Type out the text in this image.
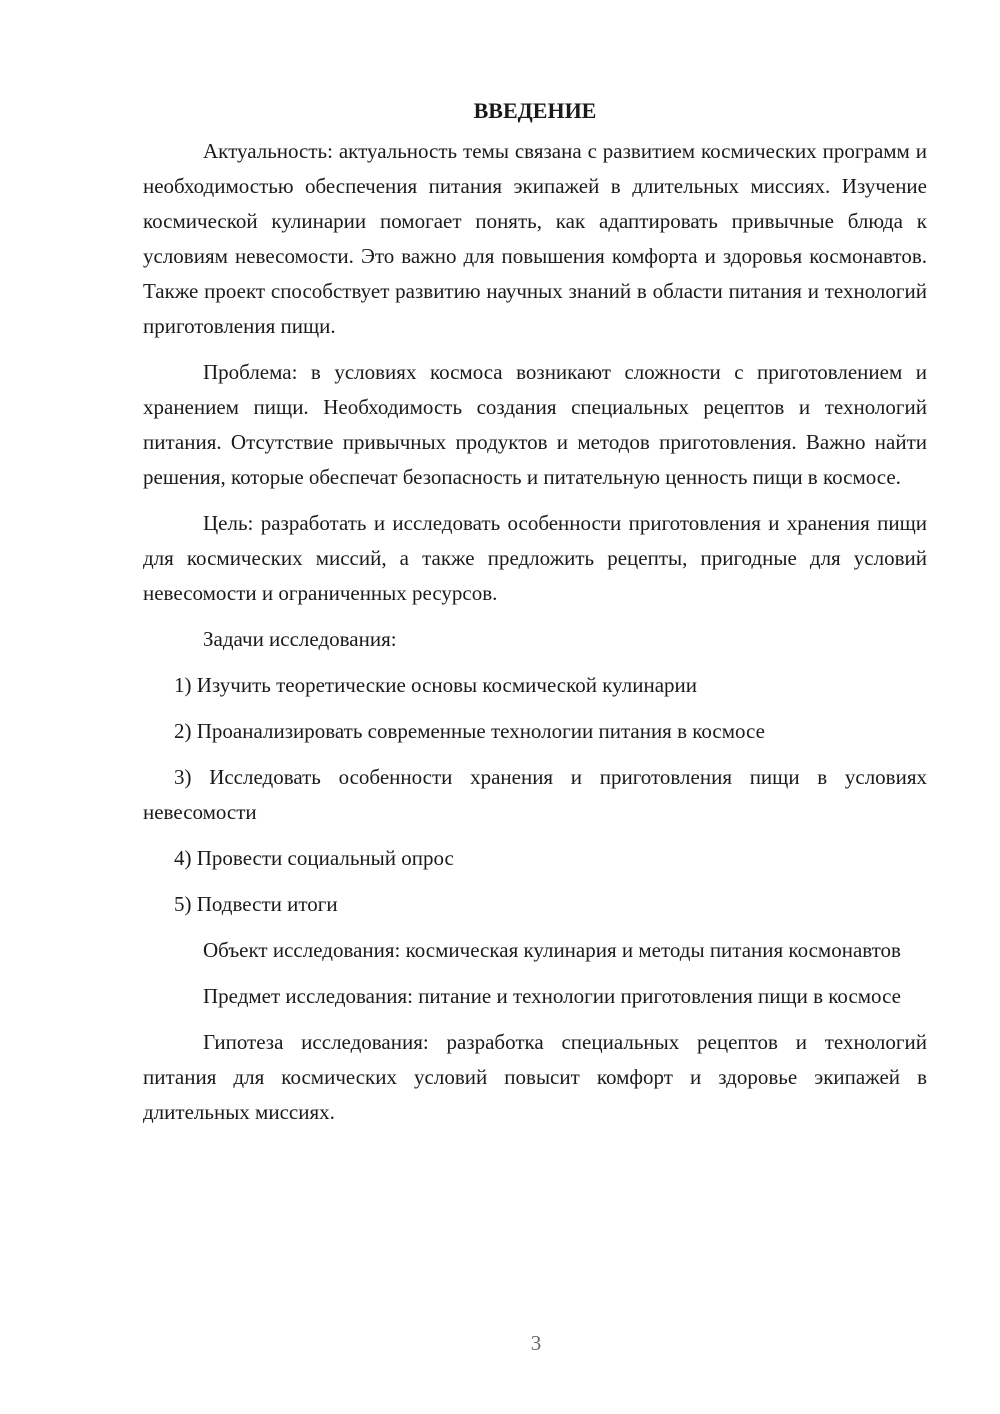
ВВЕДЕНИЕ

Актуальность: актуальность темы связана с развитием космических программ и необходимостью обеспечения питания экипажей в длительных миссиях. Изучение космической кулинарии помогает понять, как адаптировать привычные блюда к условиям невесомости. Это важно для повышения комфорта и здоровья космонавтов. Также проект способствует развитию научных знаний в области питания и технологий приготовления пищи.

Проблема: в условиях космоса возникают сложности с приготовлением и хранением пищи. Необходимость создания специальных рецептов и технологий питания. Отсутствие привычных продуктов и методов приготовления. Важно найти решения, которые обеспечат безопасность и питательную ценность пищи в космосе.

Цель: разработать и исследовать особенности приготовления и хранения пищи для космических миссий, а также предложить рецепты, пригодные для условий невесомости и ограниченных ресурсов.

Задачи исследования:

1) Изучить теоретические основы космической кулинарии

2) Проанализировать современные технологии питания в космосе

3) Исследовать особенности хранения и приготовления пищи в условиях невесомости

4) Провести социальный опрос

5) Подвести итоги

Объект исследования: космическая кулинария и методы питания космонавтов

Предмет исследования: питание и технологии приготовления пищи в космосе

Гипотеза исследования: разработка специальных рецептов и технологий питания для космических условий повысит комфорт и здоровье экипажей в длительных миссиях.

3
